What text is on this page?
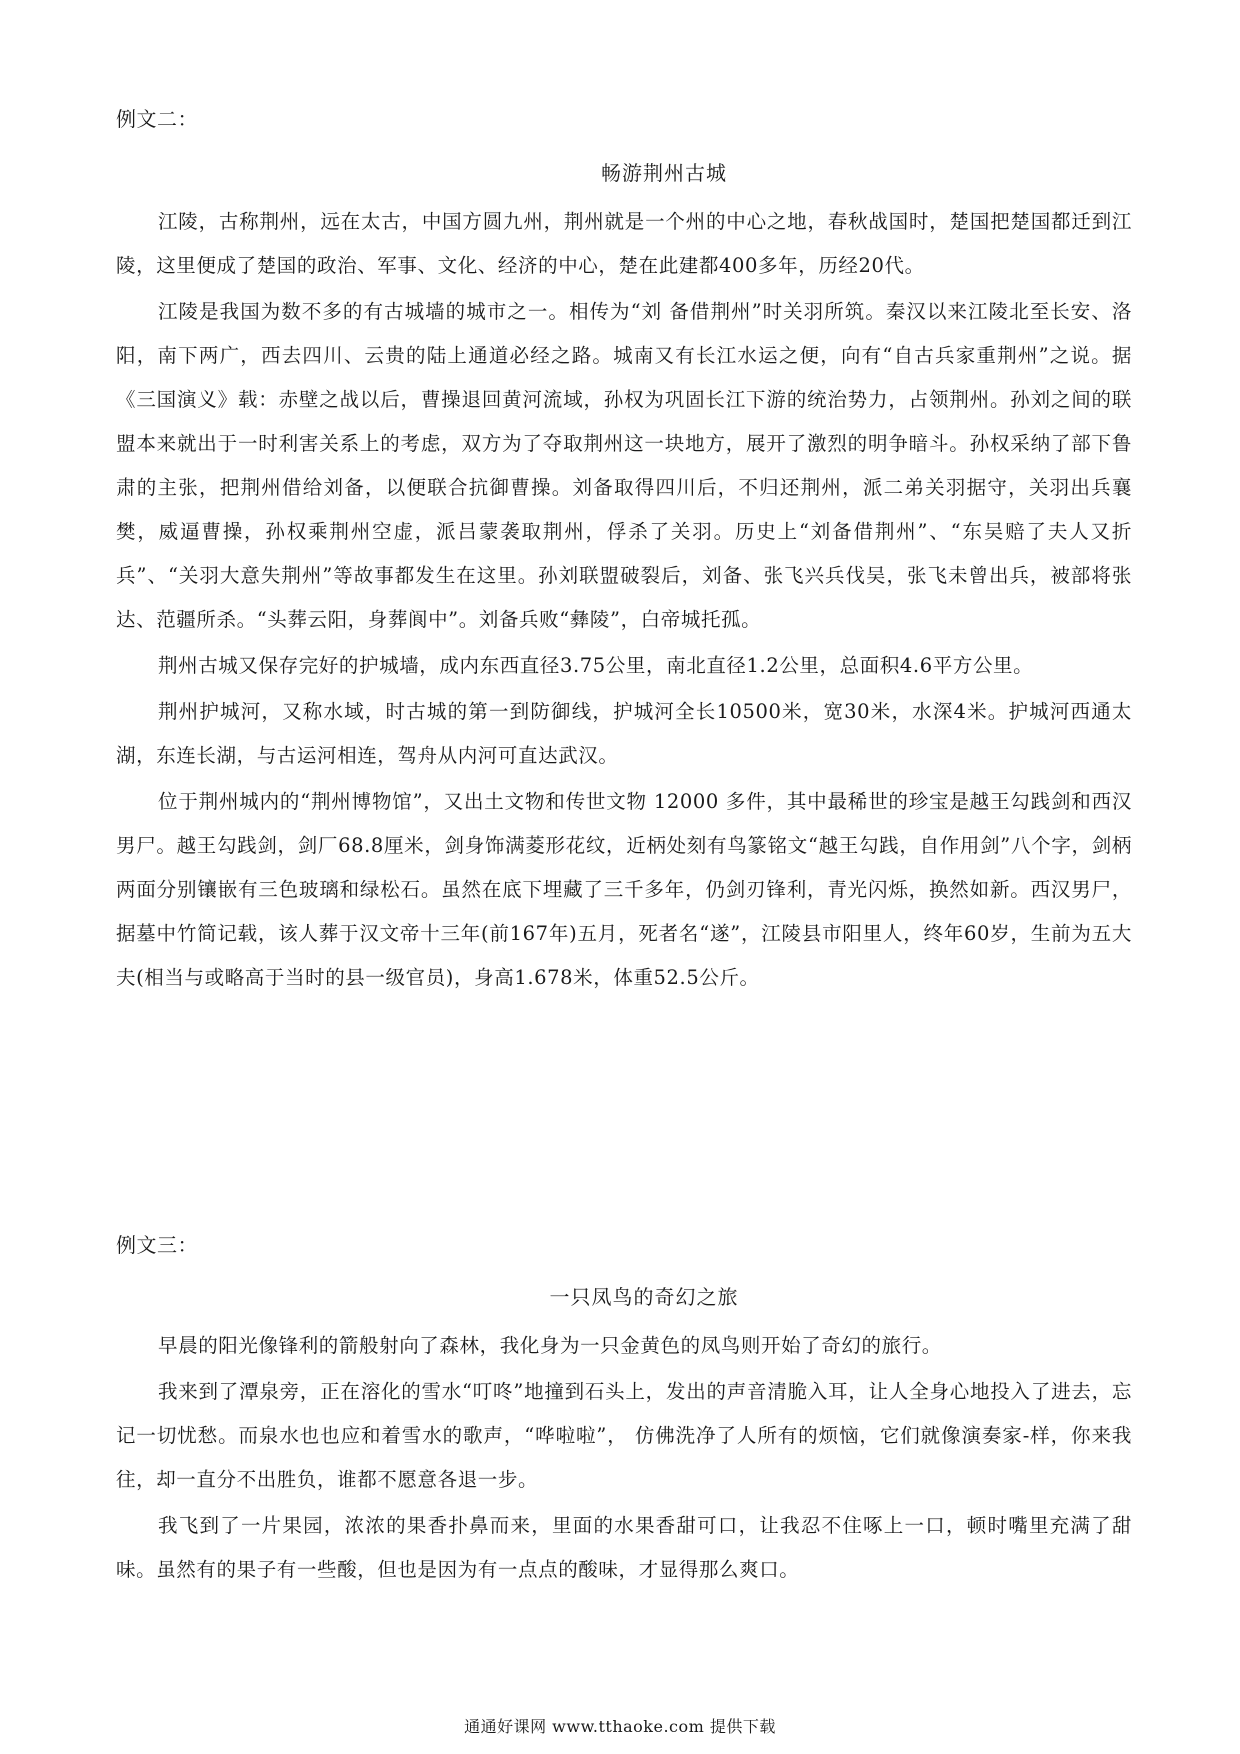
例文二：

畅游荆州古城

江陵，古称荆州，远在太古，中国方圆九州，荆州就是一个州的中心之地，春秋战国时，楚国把楚国都迁到江陵，这里便成了楚国的政治、军事、文化、经济的中心，楚在此建都400多年，历经20代。

江陵是我国为数不多的有古城墙的城市之一。相传为“刘 备借荆州”时关羽所筑。秦汉以来江陵北至长安、洛阳，南下两广，西去四川、云贵的陆上通道必经之路。城南又有长江水运之便，向有“自古兵家重荆州”之说。据《三国演义》载：赤壁之战以后，曹操退回黄河流域，孙权为巩固长江下游的统治势力，占领荆州。孙刘之间的联盟本来就出于一时利害关系上的考虑，双方为了夺取荆州这一块地方，展开了激烈的明争暗斗。孙权采纳了部下鲁肃的主张，把荆州借给刘备，以便联合抗御曹操。刘备取得四川后，不归还荆州，派二弟关羽据守，关羽出兵襄樊，威逼曹操，孙权乘荆州空虚，派吕蒙袭取荆州，俘杀了关羽。历史上“刘备借荆州”、“东吴赔了夫人又折兵”、“关羽大意失荆州”等故事都发生在这里。孙刘联盟破裂后，刘备、张飞兴兵伐吴，张飞未曾出兵，被部将张达、范疆所杀。“头葬云阳，身葬阆中”。刘备兵败“彝陵”，白帝城托孤。

荆州古城又保存完好的护城墙，成内东西直径3.75公里，南北直径1.2公里，总面积4.6平方公里。

荆州护城河，又称水域，时古城的第一到防御线，护城河全长10500米，宽30米，水深4米。护城河西通太湖，东连长湖，与古运河相连，驾舟从内河可直达武汉。

位于荆州城内的“荆州博物馆”，又出土文物和传世文物 12000 多件，其中最稀世的珍宝是越王勾践剑和西汉男尸。越王勾践剑，剑厂68.8厘米，剑身饰满菱形花纹，近柄处刻有鸟篆铭文“越王勾践，自作用剑”八个字，剑柄两面分别镶嵌有三色玻璃和绿松石。虽然在底下埋藏了三千多年，仍剑刃锋利，青光闪烁，换然如新。西汉男尸，据墓中竹简记载，该人葬于汉文帝十三年(前167年)五月，死者名“遂”，江陵县市阳里人，终年60岁，生前为五大夫(相当与或略高于当时的县一级官员)，身高1.678米，体重52.5公斤。

例文三：

一只凤鸟的奇幻之旅

早晨的阳光像锋利的箭般射向了森林，我化身为一只金黄色的凤鸟则开始了奇幻的旅行。

我来到了潭泉旁，正在溶化的雪水“叮咚”地撞到石头上，发出的声音清脆入耳，让人全身心地投入了进去，忘记一切忧愁。而泉水也也应和着雪水的歌声，“哗啦啦”， 仿佛洗净了人所有的烦恼，它们就像演奏家-样，你来我往，却一直分不出胜负，谁都不愿意各退一步。

我飞到了一片果园，浓浓的果香扑鼻而来，里面的水果香甜可口，让我忍不住啄上一口，顿时嘴里充满了甜味。虽然有的果子有一些酸，但也是因为有一点点的酸味，才显得那么爽口。

通通好课网 www.tthaoke.com 提供下载
